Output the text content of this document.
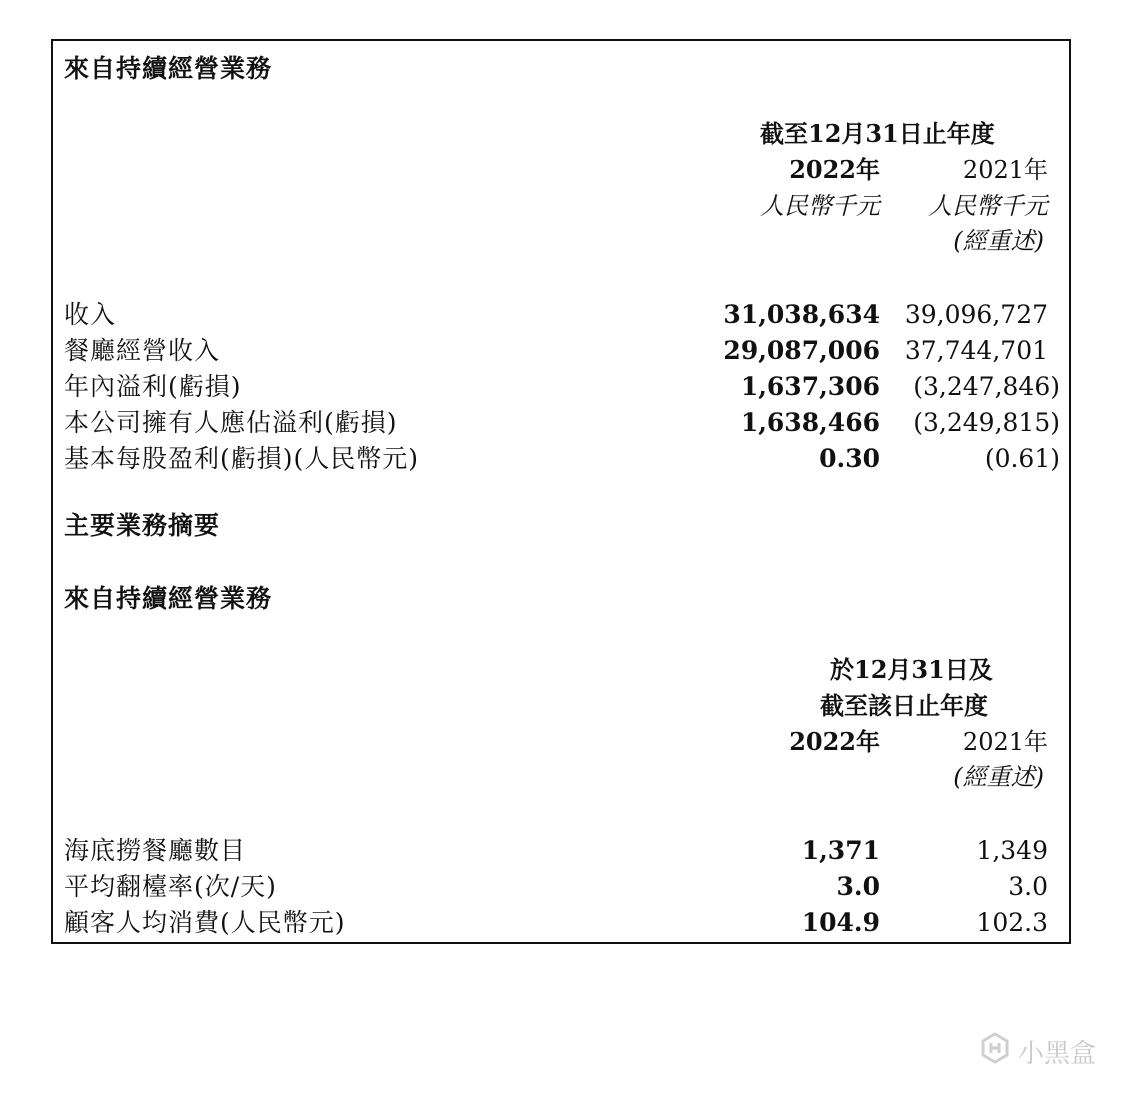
來自持續經營業務
截至12月31日止年度
2022年	2021年
人民幣千元 人民幣千元
(經重述)
收入	31,038,634 39,096,727
餐廳經營收入	29,087,006 37,744,701
年內溢利(虧損)	1,637,306 (3,247,846)
本公司擁有人應佔溢利(虧損)	1,638,466 (3,249,815)
基本每股盈利(虧損)(人民幣元)	0.30	(0.61)
主要業務摘要
來自持續經營業務
於12月31日及
截至該日止年度
2022年	2021年
(經重述)
海底撈餐廳數目	1,371	1,349
平均翻檯率(次/天)	3.0	3.0
顧客人均消費(人民幣元)	104.9	102.3
小黑盒
